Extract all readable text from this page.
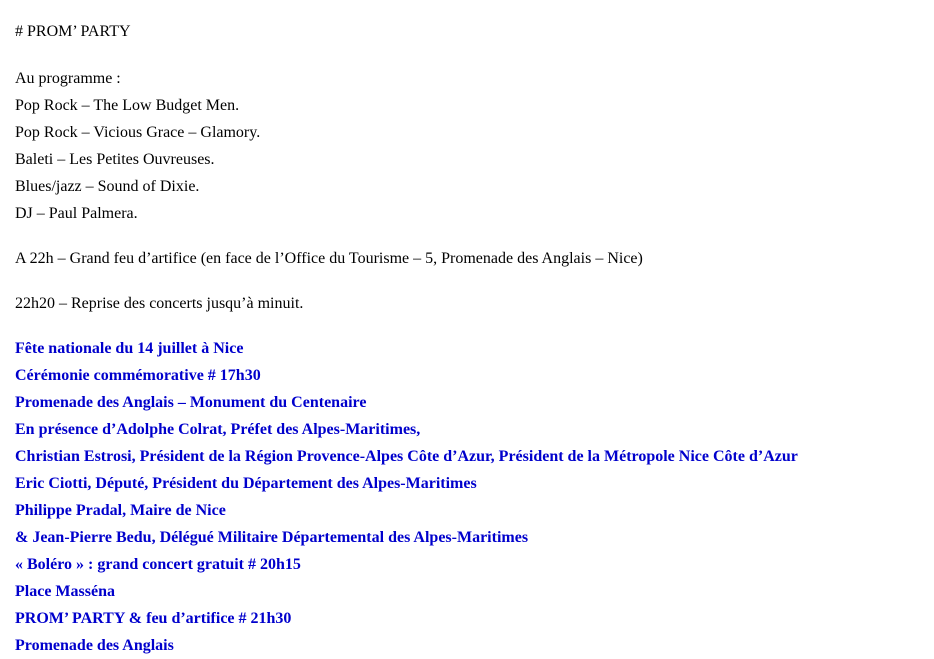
# PROM’ PARTY

Au programme :

Pop Rock – The Low Budget Men.

Pop Rock – Vicious Grace – Glamory.

Baleti – Les Petites Ouvreuses.

Blues/jazz – Sound of Dixie.

DJ – Paul Palmera.

A 22h – Grand feu d’artifice (en face de l’Office du Tourisme – 5, Promenade des Anglais – Nice)

22h20 – Reprise des concerts jusqu’à minuit.

Fête nationale du 14 juillet à Nice

Cérémonie commémorative # 17h30

Promenade des Anglais – Monument du Centenaire

En présence d’Adolphe Colrat, Préfet des Alpes-Maritimes,

Christian Estrosi, Président de la Région Provence-Alpes Côte d’Azur, Président de la Métropole Nice Côte d’Azur

Eric Ciotti, Député, Président du Département des Alpes-Maritimes

Philippe Pradal, Maire de Nice

& Jean-Pierre Bedu, Délégué Militaire Départemental des Alpes-Maritimes

« Boléro » : grand concert gratuit # 20h15

Place Masséna

PROM’ PARTY & feu d’artifice # 21h30

Promenade des Anglais
